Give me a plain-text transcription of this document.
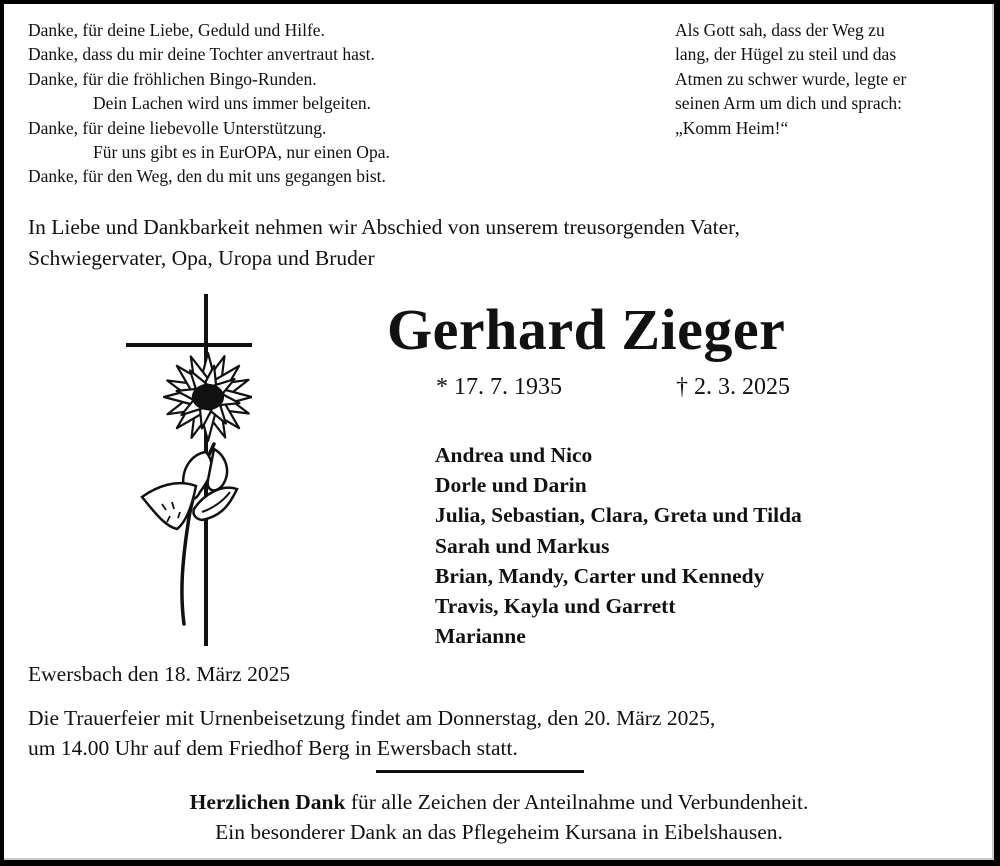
Danke, für deine Liebe, Geduld und Hilfe.
Danke, dass du mir deine Tochter anvertraut hast.
Danke, für die fröhlichen Bingo-Runden.
Dein Lachen wird uns immer belgeiten.
Danke, für deine liebevolle Unterstützung.
Für uns gibt es in EurOPA, nur einen Opa.
Danke, für den Weg, den du mit uns gegangen bist.
Als Gott sah, dass der Weg zu
lang, der Hügel zu steil und das
Atmen zu schwer wurde, legte er
seinen Arm um dich und sprach:
„Komm Heim!“
In Liebe und Dankbarkeit nehmen wir Abschied von unserem treusorgenden Vater,
Schwiegervater, Opa, Uropa und Bruder
Gerhard Zieger
* 17. 7. 1935	† 2. 3. 2025
Andrea und Nico
Dorle und Darin
Julia, Sebastian, Clara, Greta und Tilda
Sarah und Markus
Brian, Mandy, Carter und Kennedy
Travis, Kayla und Garrett
Marianne
Ewersbach den 18. März 2025
Die Trauerfeier mit Urnenbeisetzung findet am Donnerstag, den 20. März 2025,
um 14.00 Uhr auf dem Friedhof Berg in Ewersbach statt.
Herzlichen Dank für alle Zeichen der Anteilnahme und Verbundenheit.
Ein besonderer Dank an das Pflegeheim Kursana in Eibelshausen.
